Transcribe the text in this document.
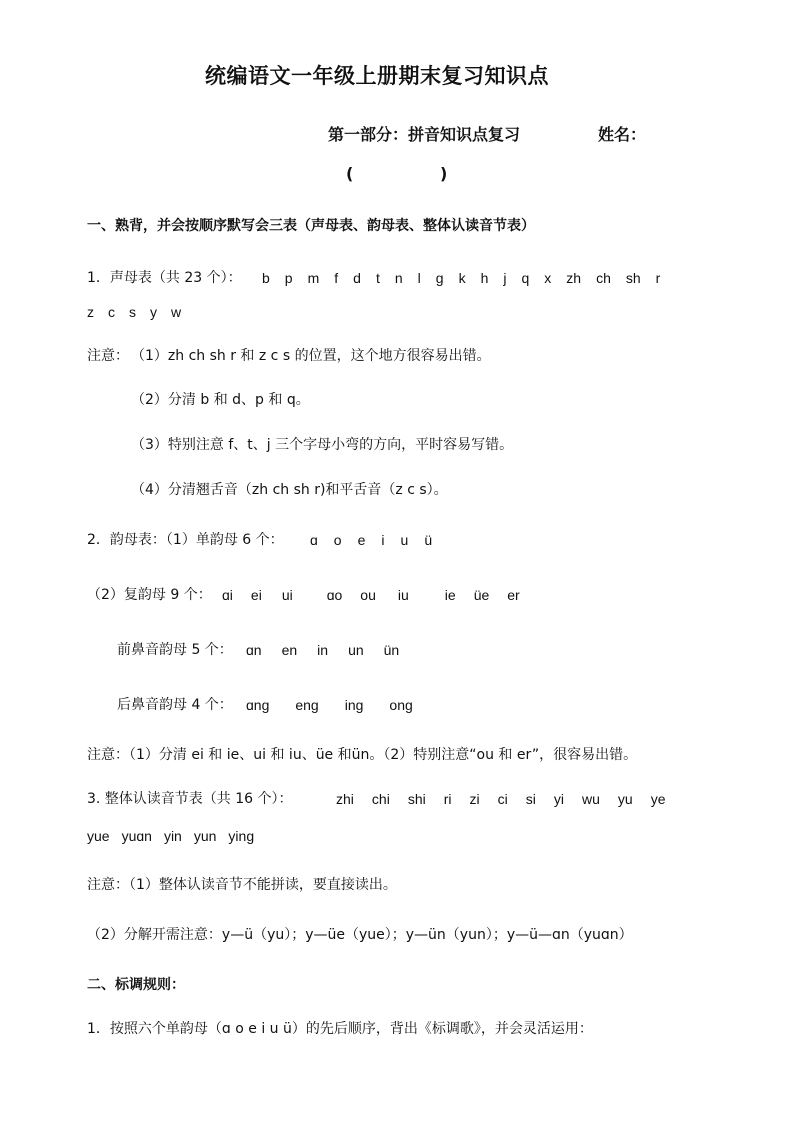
统编语文一年级上册期末复习知识点
第一部分：拼音知识点复习	姓名：
(	)
一、熟背，并会按顺序默写会三表（声母表、韵母表、整体认读音节表）
1．声母表（共 23 个）： b p m f d t n l ɡ k h j q x zh ch sh r
z c s y w
注意： （1）zh ch sh r 和 z c s 的位置，这个地方很容易出错。
（2）分清 b 和 d、p 和 q。
（3）特别注意 f、t、j 三个字母小弯的方向，平时容易写错。
（4）分清翘舌音（zh ch sh r)和平舌音（z c s）。
2．韵母表：（1）单韵母 6 个： ɑ o e i u ü
（2）复韵母 9 个： ɑi ei ui ɑo ou iu	ie üe er
前鼻音韵母 5 个： ɑn en in un ün
后鼻音韵母 4 个： ɑng eng ing ong
注意：（1）分清 ei 和 ie、ui 和 iu、üe 和ün。（2）特别注意“ou 和 er”，很容易出错。
3. 整体认读音节表（共 16 个）：	zhi chi shi ri zi ci si yi wu yu ye
yue yuɑn yin yun ying
注意：（1）整体认读音节不能拼读，要直接读出。
（2）分解开需注意：y—ü（yu）；y—üe（yue）；y—ün（yun）；y—ü—ɑn（yuɑn）
二、标调规则：
1．按照六个单韵母（ɑ o e i u ü）的先后顺序，背出《标调歌》，并会灵活运用：
